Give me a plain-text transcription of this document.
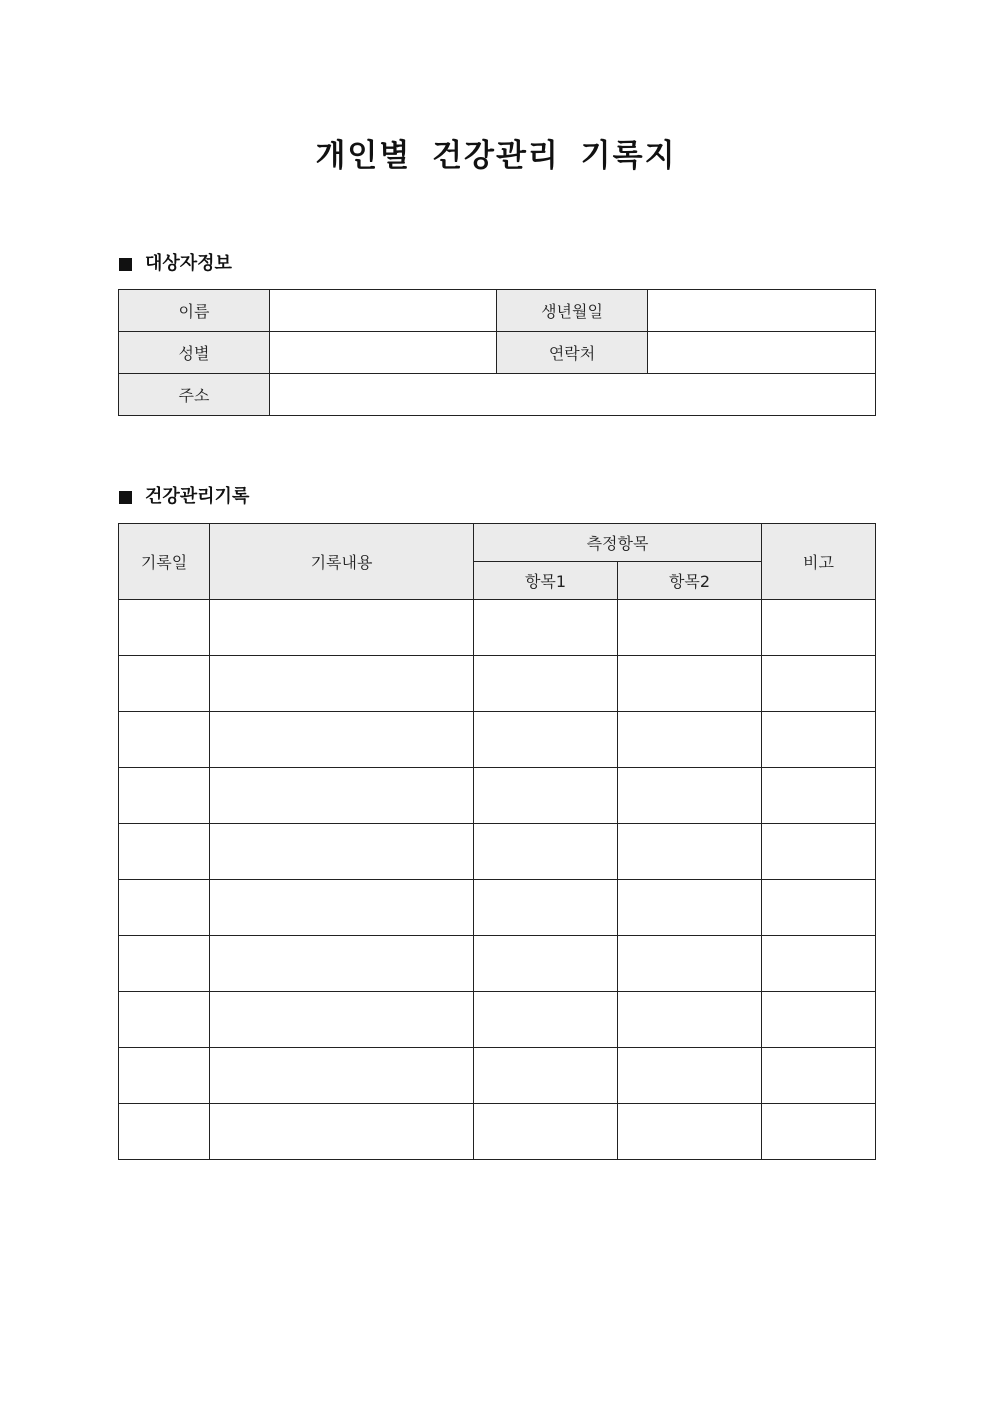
개인별 건강관리 기록지
대상자정보
이름		생년월일	
성별		연락처	
주소			
건강관리기록
기록일	기록내용	측정항목		비고
		항목1	항목2	
